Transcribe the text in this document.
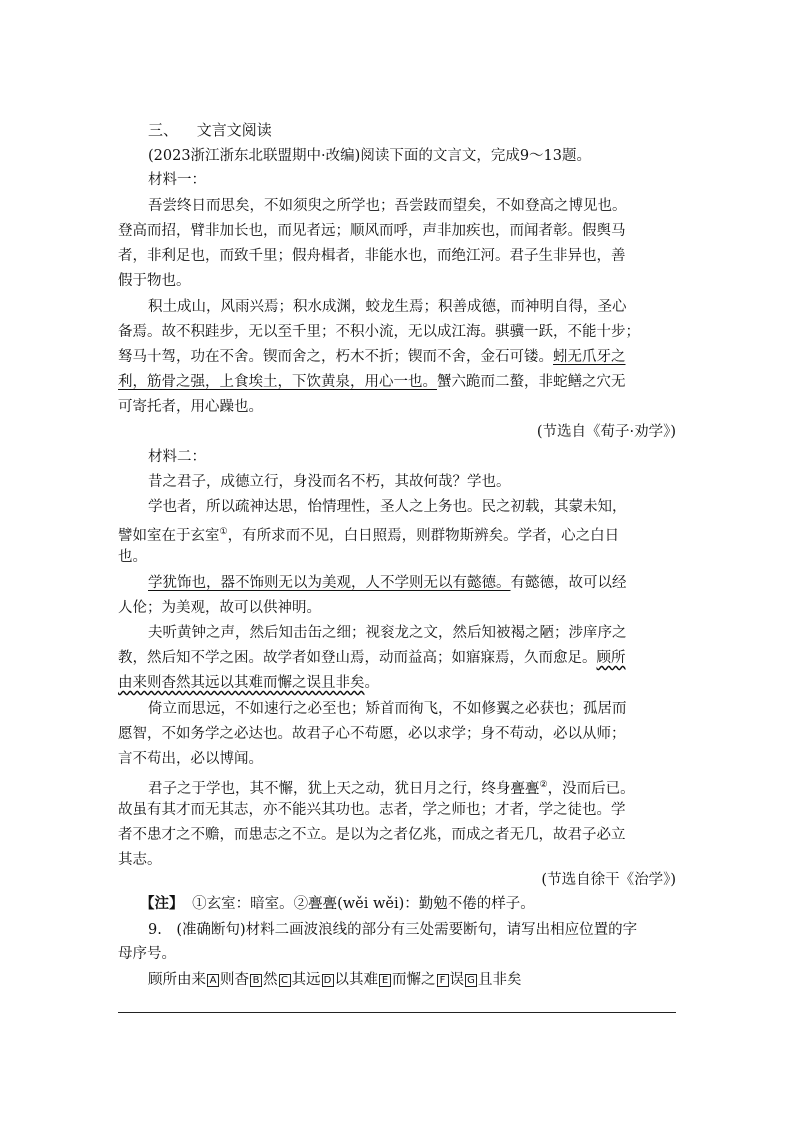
三、 文言文阅读
(2023浙江浙东北联盟期中·改编)阅读下面的文言文，完成9～13题。
材料一：
吾尝终日而思矣，不如须臾之所学也；吾尝跂而望矣，不如登高之博见也。
登高而招，臂非加长也，而见者远；顺风而呼，声非加疾也，而闻者彰。假舆马
者，非利足也，而致千里；假舟楫者，非能水也，而绝江河。君子生非异也，善
假于物也。
积土成山，风雨兴焉；积水成渊，蛟龙生焉；积善成德，而神明自得，圣心
备焉。故不积跬步，无以至千里；不积小流，无以成江海。骐骥一跃，不能十步；
驽马十驾，功在不舍。锲而舍之，朽木不折；锲而不舍，金石可镂。蚓无爪牙之
利，筋骨之强，上食埃土，下饮黄泉，用心一也。蟹六跪而二螯，非蛇鳝之穴无
可寄托者，用心躁也。
(节选自《荀子·劝学》)
材料二：
昔之君子，成德立行，身没而名不朽，其故何哉？学也。
学也者，所以疏神达思，怡情理性，圣人之上务也。民之初载，其蒙未知，
譬如室在于玄室①，有所求而不见，白日照焉，则群物斯辨矣。学者，心之白日
也。
学犹饰也，器不饰则无以为美观，人不学则无以有懿德。有懿德，故可以经
人伦；为美观，故可以供神明。
夫听黄钟之声，然后知击缶之细；视衮龙之文，然后知被褐之陋；涉庠序之
教，然后知不学之困。故学者如登山焉，动而益高；如寤寐焉，久而愈足。顾所
由来则杳然其远以其难而懈之误且非矣。
倚立而思远，不如速行之必至也；矫首而徇飞，不如修翼之必获也；孤居而
愿智，不如务学之必达也。故君子心不苟愿，必以求学；身不苟动，必以从师；
言不苟出，必以博闻。
君子之于学也，其不懈，犹上天之动，犹日月之行，终身亹亹②，没而后已。
故虽有其才而无其志，亦不能兴其功也。志者，学之师也；才者，学之徒也。学
者不患才之不赡，而患志之不立。是以为之者亿兆，而成之者无几，故君子必立
其志。
(节选自徐干《治学》)
【注】 ①玄室：暗室。②亹亹(wěi wěi)：勤勉不倦的样子。
9.　(准确断句)材料二画波浪线的部分有三处需要断句，请写出相应位置的字
母序号。
顾所由来 A 则杳 B 然 C 其远 D 以其难 E 而懈之 F 误 G 且非矣
